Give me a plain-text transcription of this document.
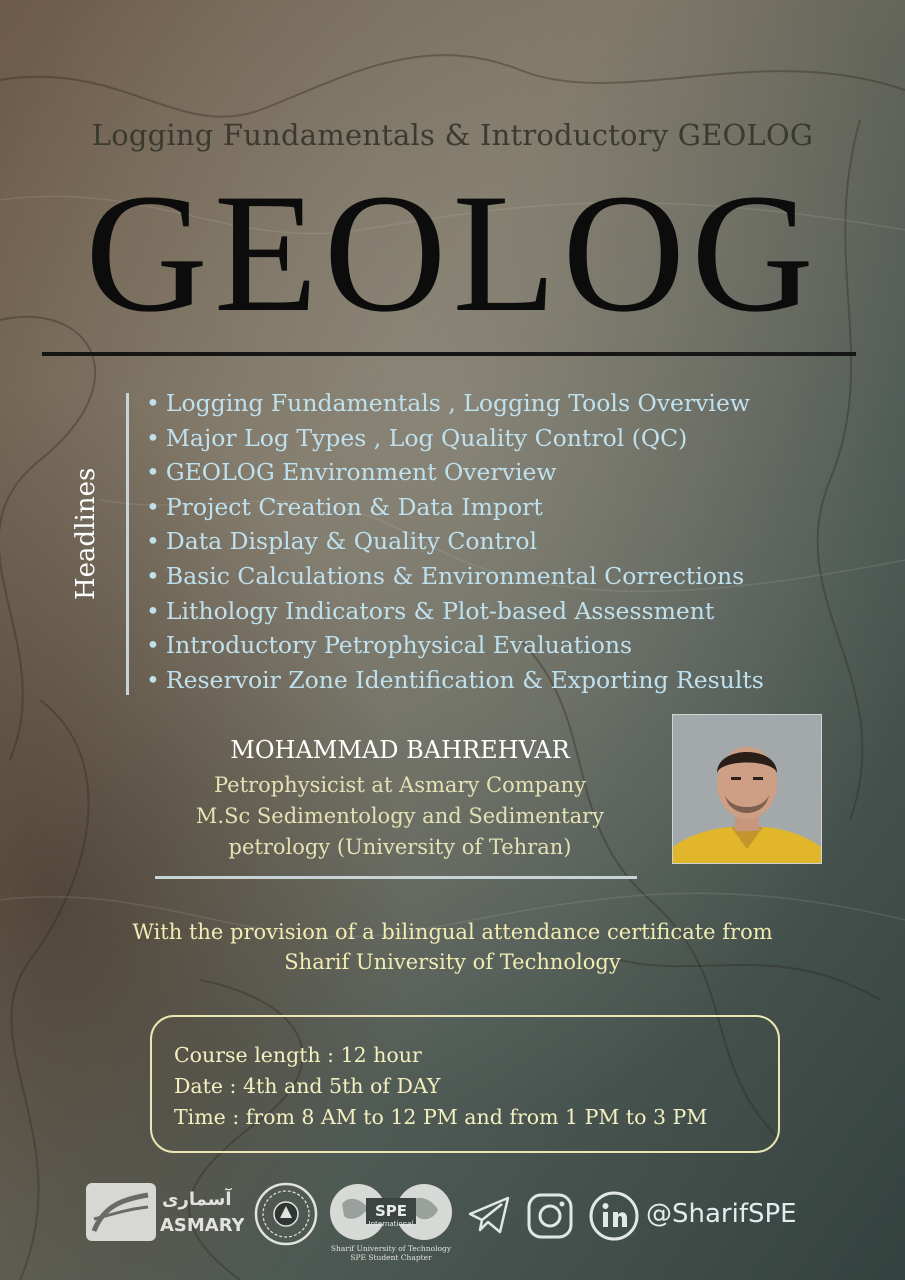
Logging Fundamentals & Introductory GEOLOG
GEOLOG
Headlines
• Logging Fundamentals , Logging Tools Overview
• Major Log Types , Log Quality Control (QC)
• GEOLOG Environment Overview
• Project Creation & Data Import
• Data Display & Quality Control
• Basic Calculations & Environmental Corrections
• Lithology Indicators & Plot-based Assessment
• Introductory Petrophysical Evaluations
• Reservoir Zone Identification & Exporting Results
MOHAMMAD BAHREHVAR
Petrophysicist at Asmary Company
M.Sc Sedimentology and Sedimentary
petrology (University of Tehran)
With the provision of a bilingual attendance certificate from
Sharif University of Technology
Course length : 12 hour
Date : 4th and 5th of DAY
Time : from 8 AM to 12 PM and from 1 PM to 3 PM
آسماری
ASMARY
SPE
International
Sharif University of Technology
SPE Student Chapter
@SharifSPE
